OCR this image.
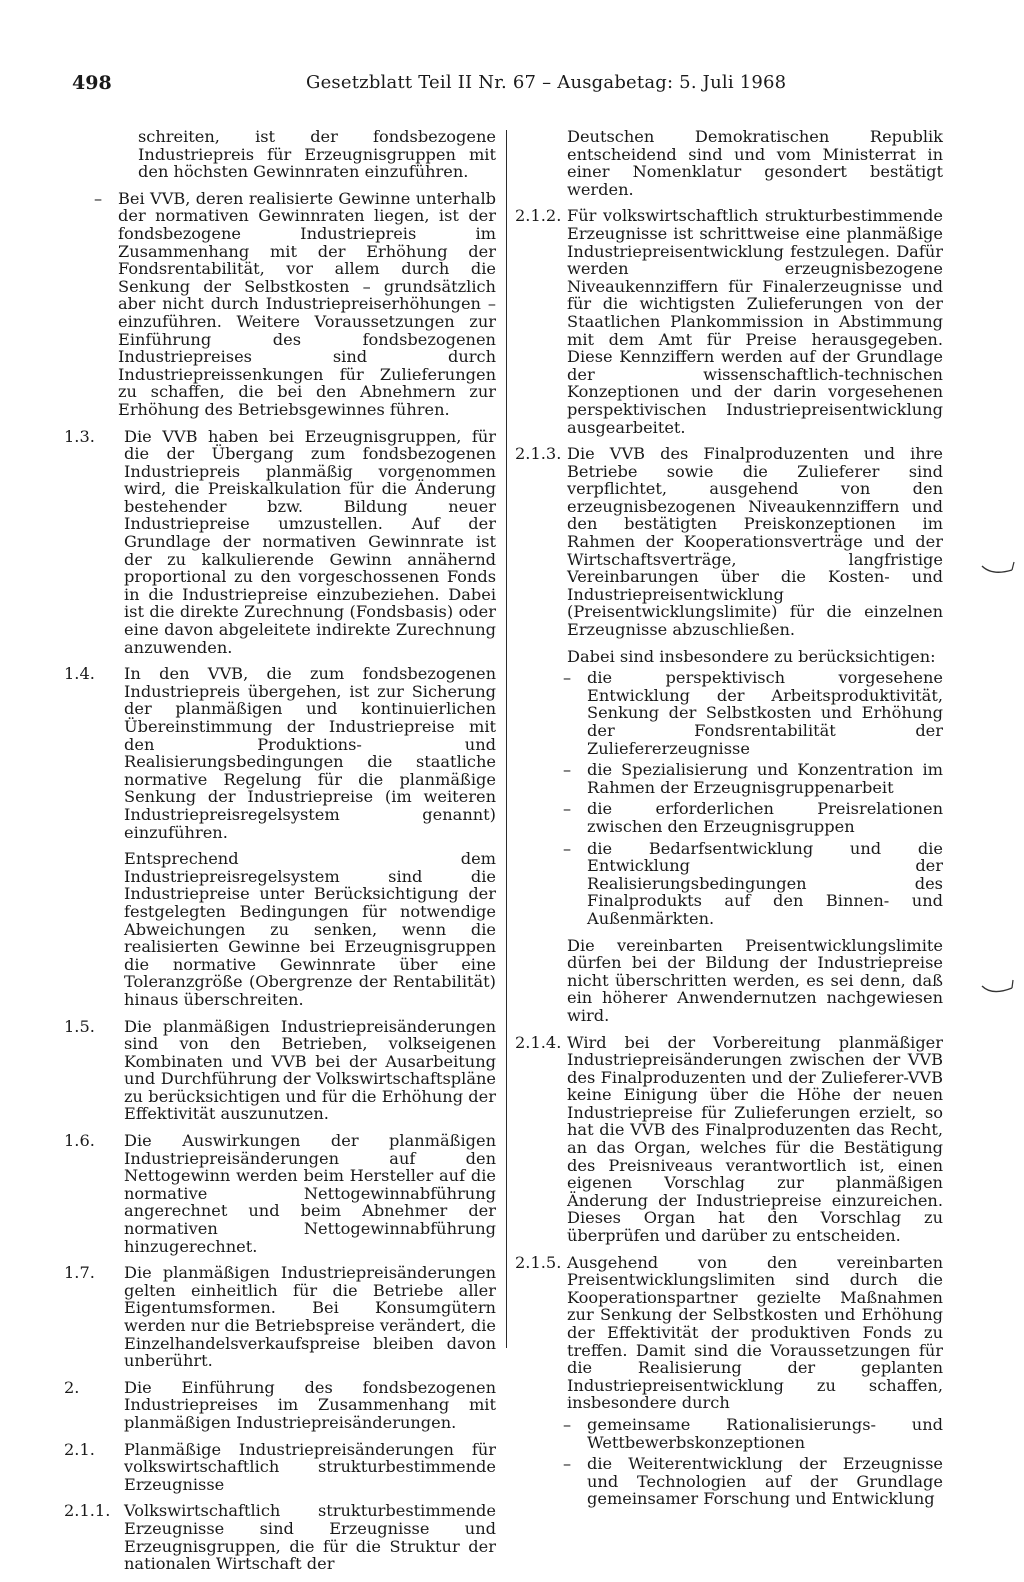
498	Gesetzblatt Teil II Nr. 67 – Ausgabetag: 5. Juli 1968
schreiten, ist der fondsbezogene Industriepreis für Erzeugnisgruppen mit den höchsten Gewinnraten einzuführen.
– Bei VVB, deren realisierte Gewinne unterhalb der normativen Gewinnraten liegen, ist der fondsbezogene Industriepreis im Zusammenhang mit der Erhöhung der Fondsrentabilität, vor allem durch die Senkung der Selbstkosten – grundsätzlich aber nicht durch Industriepreiserhöhungen – einzuführen. Weitere Voraussetzungen zur Einführung des fondsbezogenen Industriepreises sind durch Industriepreissenkungen für Zulieferungen zu schaffen, die bei den Abnehmern zur Erhöhung des Betriebsgewinnes führen.
1.3.	Die VVB haben bei Erzeugnisgruppen, für die der Übergang zum fondsbezogenen Industriepreis planmäßig vorgenommen wird, die Preiskalkulation für die Änderung bestehender bzw. Bildung neuer Industriepreise umzustellen. Auf der Grundlage der normativen Gewinnrate ist der zu kalkulierende Gewinn annähernd proportional zu den vorgeschossenen Fonds in die Industriepreise einzubeziehen. Dabei ist die direkte Zurechnung (Fondsbasis) oder eine davon abgeleitete indirekte Zurechnung anzuwenden.

1.4.	In den VVB, die zum fondsbezogenen Industriepreis übergehen, ist zur Sicherung der planmäßigen und kontinuierlichen Übereinstimmung der Industriepreise mit den Produktions- und Realisierungsbedingungen die staatliche normative Regelung für die planmäßige Senkung der Industriepreise (im weiteren Industriepreisregelsystem genannt) einzuführen.

Entsprechend dem Industriepreisregelsystem sind die Industriepreise unter Berücksichtigung der festgelegten Bedingungen für notwendige Abweichungen zu senken, wenn die realisierten Gewinne bei Erzeugnisgruppen die normative Gewinnrate über eine Toleranzgröße (Obergrenze der Rentabilität) hinaus überschreiten.

1.5.	Die planmäßigen Industriepreisänderungen sind von den Betrieben, volkseigenen Kombinaten und VVB bei der Ausarbeitung und Durchführung der Volkswirtschaftspläne zu berücksichtigen und für die Erhöhung der Effektivität auszunutzen.

1.6.	Die Auswirkungen der planmäßigen Industriepreisänderungen auf den Nettogewinn werden beim Hersteller auf die normative Nettogewinnabführung angerechnet und beim Abnehmer der normativen Nettogewinnabführung hinzugerechnet.

1.7.	Die planmäßigen Industriepreisänderungen gelten einheitlich für die Betriebe aller Eigentumsformen. Bei Konsumgütern werden nur die Betriebspreise verändert, die Einzelhandelsverkaufspreise bleiben davon unberührt.

2.	Die Einführung des fondsbezogenen Industriepreises im Zusammenhang mit planmäßigen Industriepreisänderungen.

2.1.	Planmäßige Industriepreisänderungen für volkswirtschaftlich strukturbestimmende Erzeugnisse

2.1.1. Volkswirtschaftlich strukturbestimmende Erzeugnisse sind Erzeugnisse und Erzeugnisgruppen, die für die Struktur der nationalen Wirtschaft der

Deutschen Demokratischen Republik entscheidend sind und vom Ministerrat in einer Nomenklatur gesondert bestätigt werden.
2.1.2. Für volkswirtschaftlich strukturbestimmende Erzeugnisse ist schrittweise eine planmäßige Industriepreisentwicklung festzulegen. Dafür werden erzeugnisbezogene Niveaukennziffern für Finalerzeugnisse und für die wichtigsten Zulieferungen von der Staatlichen Plankommission in Abstimmung mit dem Amt für Preise herausgegeben. Diese Kennziffern werden auf der Grundlage der wissenschaftlich-technischen Konzeptionen und der darin vorgesehenen perspektivischen Industriepreisentwicklung ausgearbeitet.

2.1.3. Die VVB des Finalproduzenten und ihre Betriebe sowie die Zulieferer sind verpflichtet, ausgehend von den erzeugnisbezogenen Niveaukennziffern und den bestätigten Preiskonzeptionen im Rahmen der Kooperationsverträge und der Wirtschaftsverträge, langfristige Vereinbarungen über die Kosten- und Industriepreisentwicklung (Preisentwicklungslimite) für die einzelnen Erzeugnisse abzuschließen.

Dabei sind insbesondere zu berücksichtigen:

– die perspektivisch vorgesehene Entwicklung der Arbeitsproduktivität, Senkung der Selbstkosten und Erhöhung der Fondsrentabilität der Zuliefererzeugnisse
– die Spezialisierung und Konzentration im Rahmen der Erzeugnisgruppenarbeit
– die erforderlichen Preisrelationen zwischen den Erzeugnisgruppen
– die Bedarfsentwicklung und die Entwicklung der Realisierungsbedingungen des Finalprodukts auf den Binnen- und Außenmärkten.

Die vereinbarten Preisentwicklungslimite dürfen bei der Bildung der Industriepreise nicht überschritten werden, es sei denn, daß ein höherer Anwendernutzen nachgewiesen wird.

2.1.4. Wird bei der Vorbereitung planmäßiger Industriepreisänderungen zwischen der VVB des Finalproduzenten und der Zulieferer-VVB keine Einigung über die Höhe der neuen Industriepreise für Zulieferungen erzielt, so hat die VVB des Finalproduzenten das Recht, an das Organ, welches für die Bestätigung des Preisniveaus verantwortlich ist, einen eigenen Vorschlag zur planmäßigen Änderung der Industriepreise einzureichen. Dieses Organ hat den Vorschlag zu überprüfen und darüber zu entscheiden.

2.1.5. Ausgehend von den vereinbarten Preisentwicklungslimiten sind durch die Kooperationspartner gezielte Maßnahmen zur Senkung der Selbstkosten und Erhöhung der Effektivität der produktiven Fonds zu treffen. Damit sind die Voraussetzungen für die Realisierung der geplanten Industriepreisentwicklung zu schaffen, insbesondere durch

– gemeinsame Rationalisierungs- und Wettbewerbskonzeptionen
– die Weiterentwicklung der Erzeugnisse und Technologien auf der Grundlage gemeinsamer Forschung und Entwicklung
